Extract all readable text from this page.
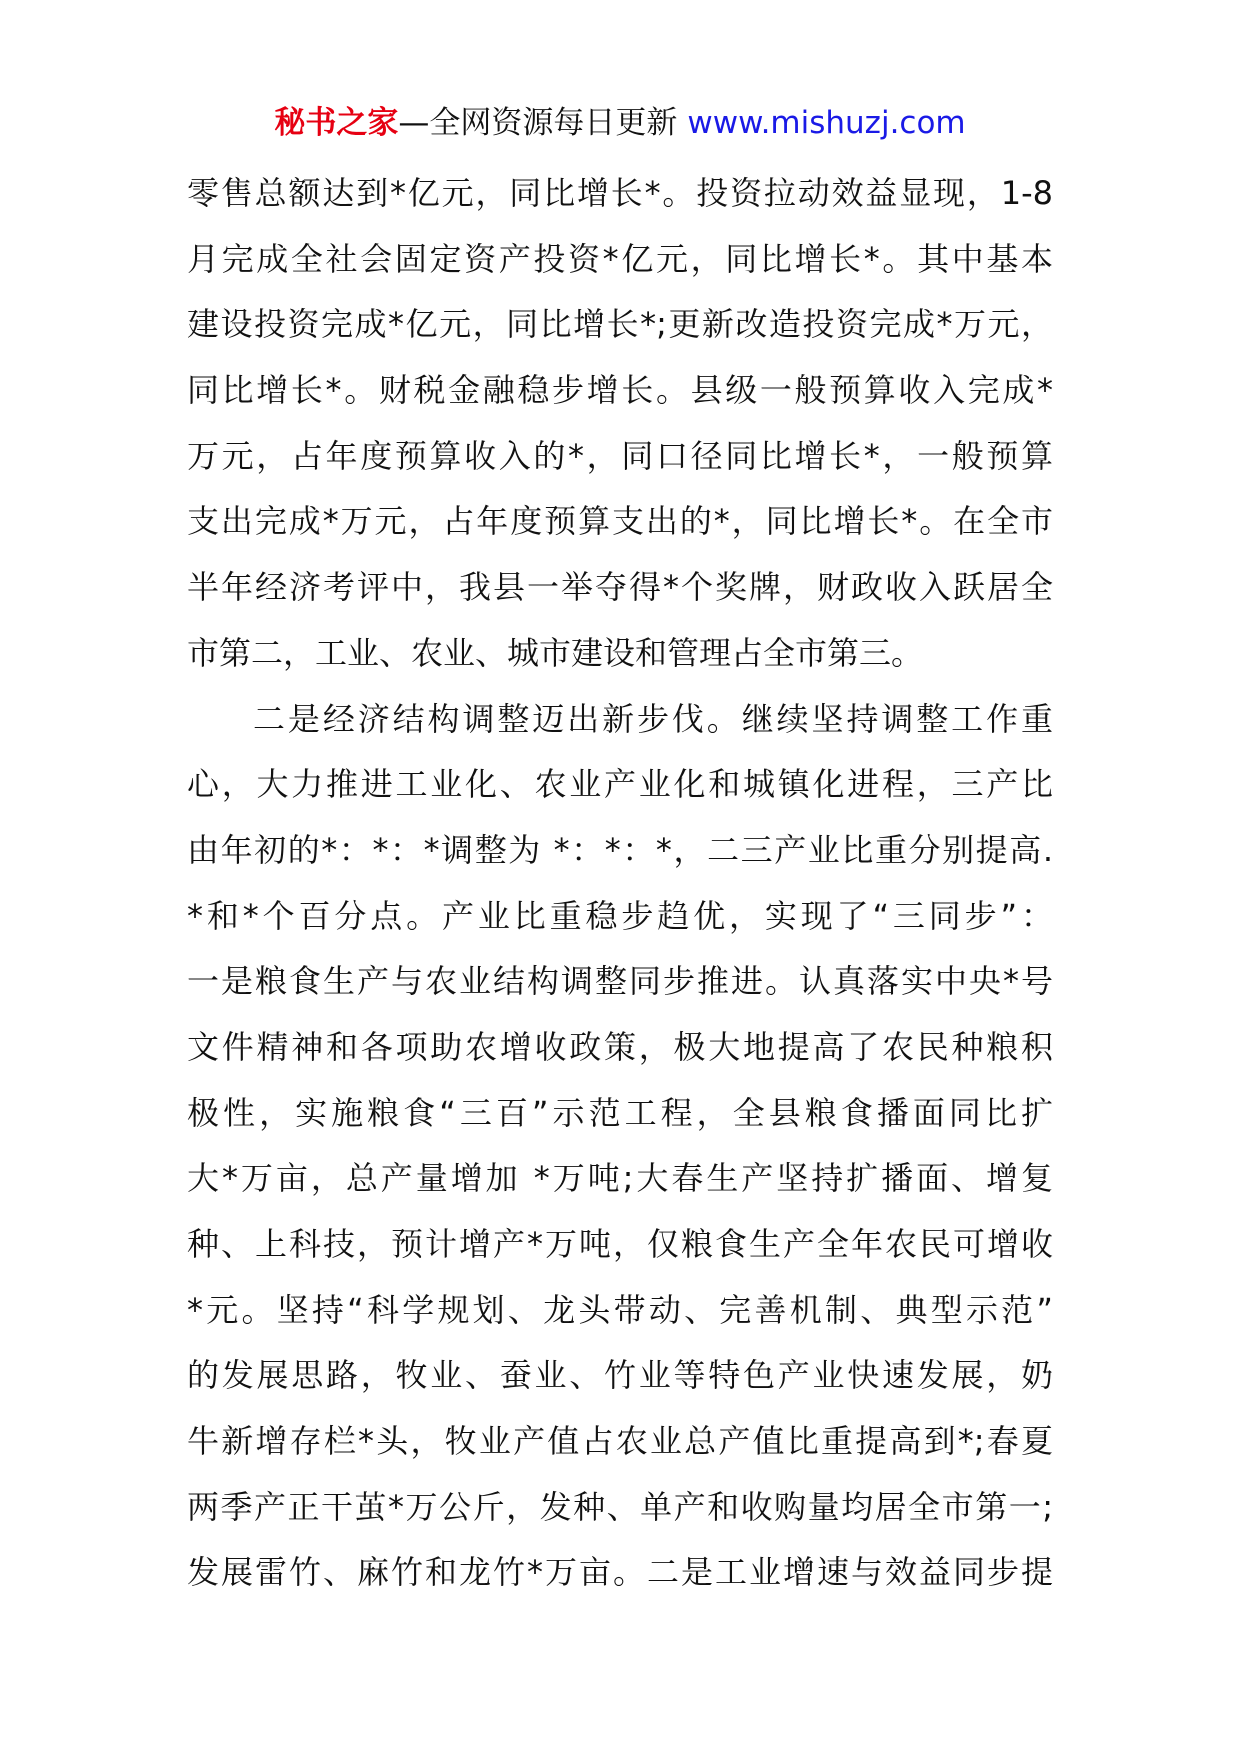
秘书之家—全网资源每日更新 www.mishuzj.com
零售总额达到*亿元，同比增长*。投资拉动效益显现，1-8
月完成全社会固定资产投资*亿元，同比增长*。其中基本
建设投资完成*亿元，同比增长*;更新改造投资完成*万元，
同比增长*。财税金融稳步增长。县级一般预算收入完成*
万元，占年度预算收入的*，同口径同比增长*，一般预算
支出完成*万元，占年度预算支出的*，同比增长*。在全市
半年经济考评中，我县一举夺得*个奖牌，财政收入跃居全
市第二，工业、农业、城市建设和管理占全市第三。
二是经济结构调整迈出新步伐。继续坚持调整工作重
心，大力推进工业化、农业产业化和城镇化进程，三产比
由年初的*：*：*调整为 *：*：*，二三产业比重分别提高.
*和*个百分点。产业比重稳步趋优，实现了“三同步”：
一是粮食生产与农业结构调整同步推进。认真落实中央*号
文件精神和各项助农增收政策，极大地提高了农民种粮积
极性，实施粮食“三百”示范工程，全县粮食播面同比扩
大*万亩，总产量增加 *万吨;大春生产坚持扩播面、增复
种、上科技，预计增产*万吨，仅粮食生产全年农民可增收
*元。坚持“科学规划、龙头带动、完善机制、典型示范”
的发展思路，牧业、蚕业、竹业等特色产业快速发展，奶
牛新增存栏*头，牧业产值占农业总产值比重提高到*;春夏
两季产正干茧*万公斤，发种、单产和收购量均居全市第一;
发展雷竹、麻竹和龙竹*万亩。二是工业增速与效益同步提
